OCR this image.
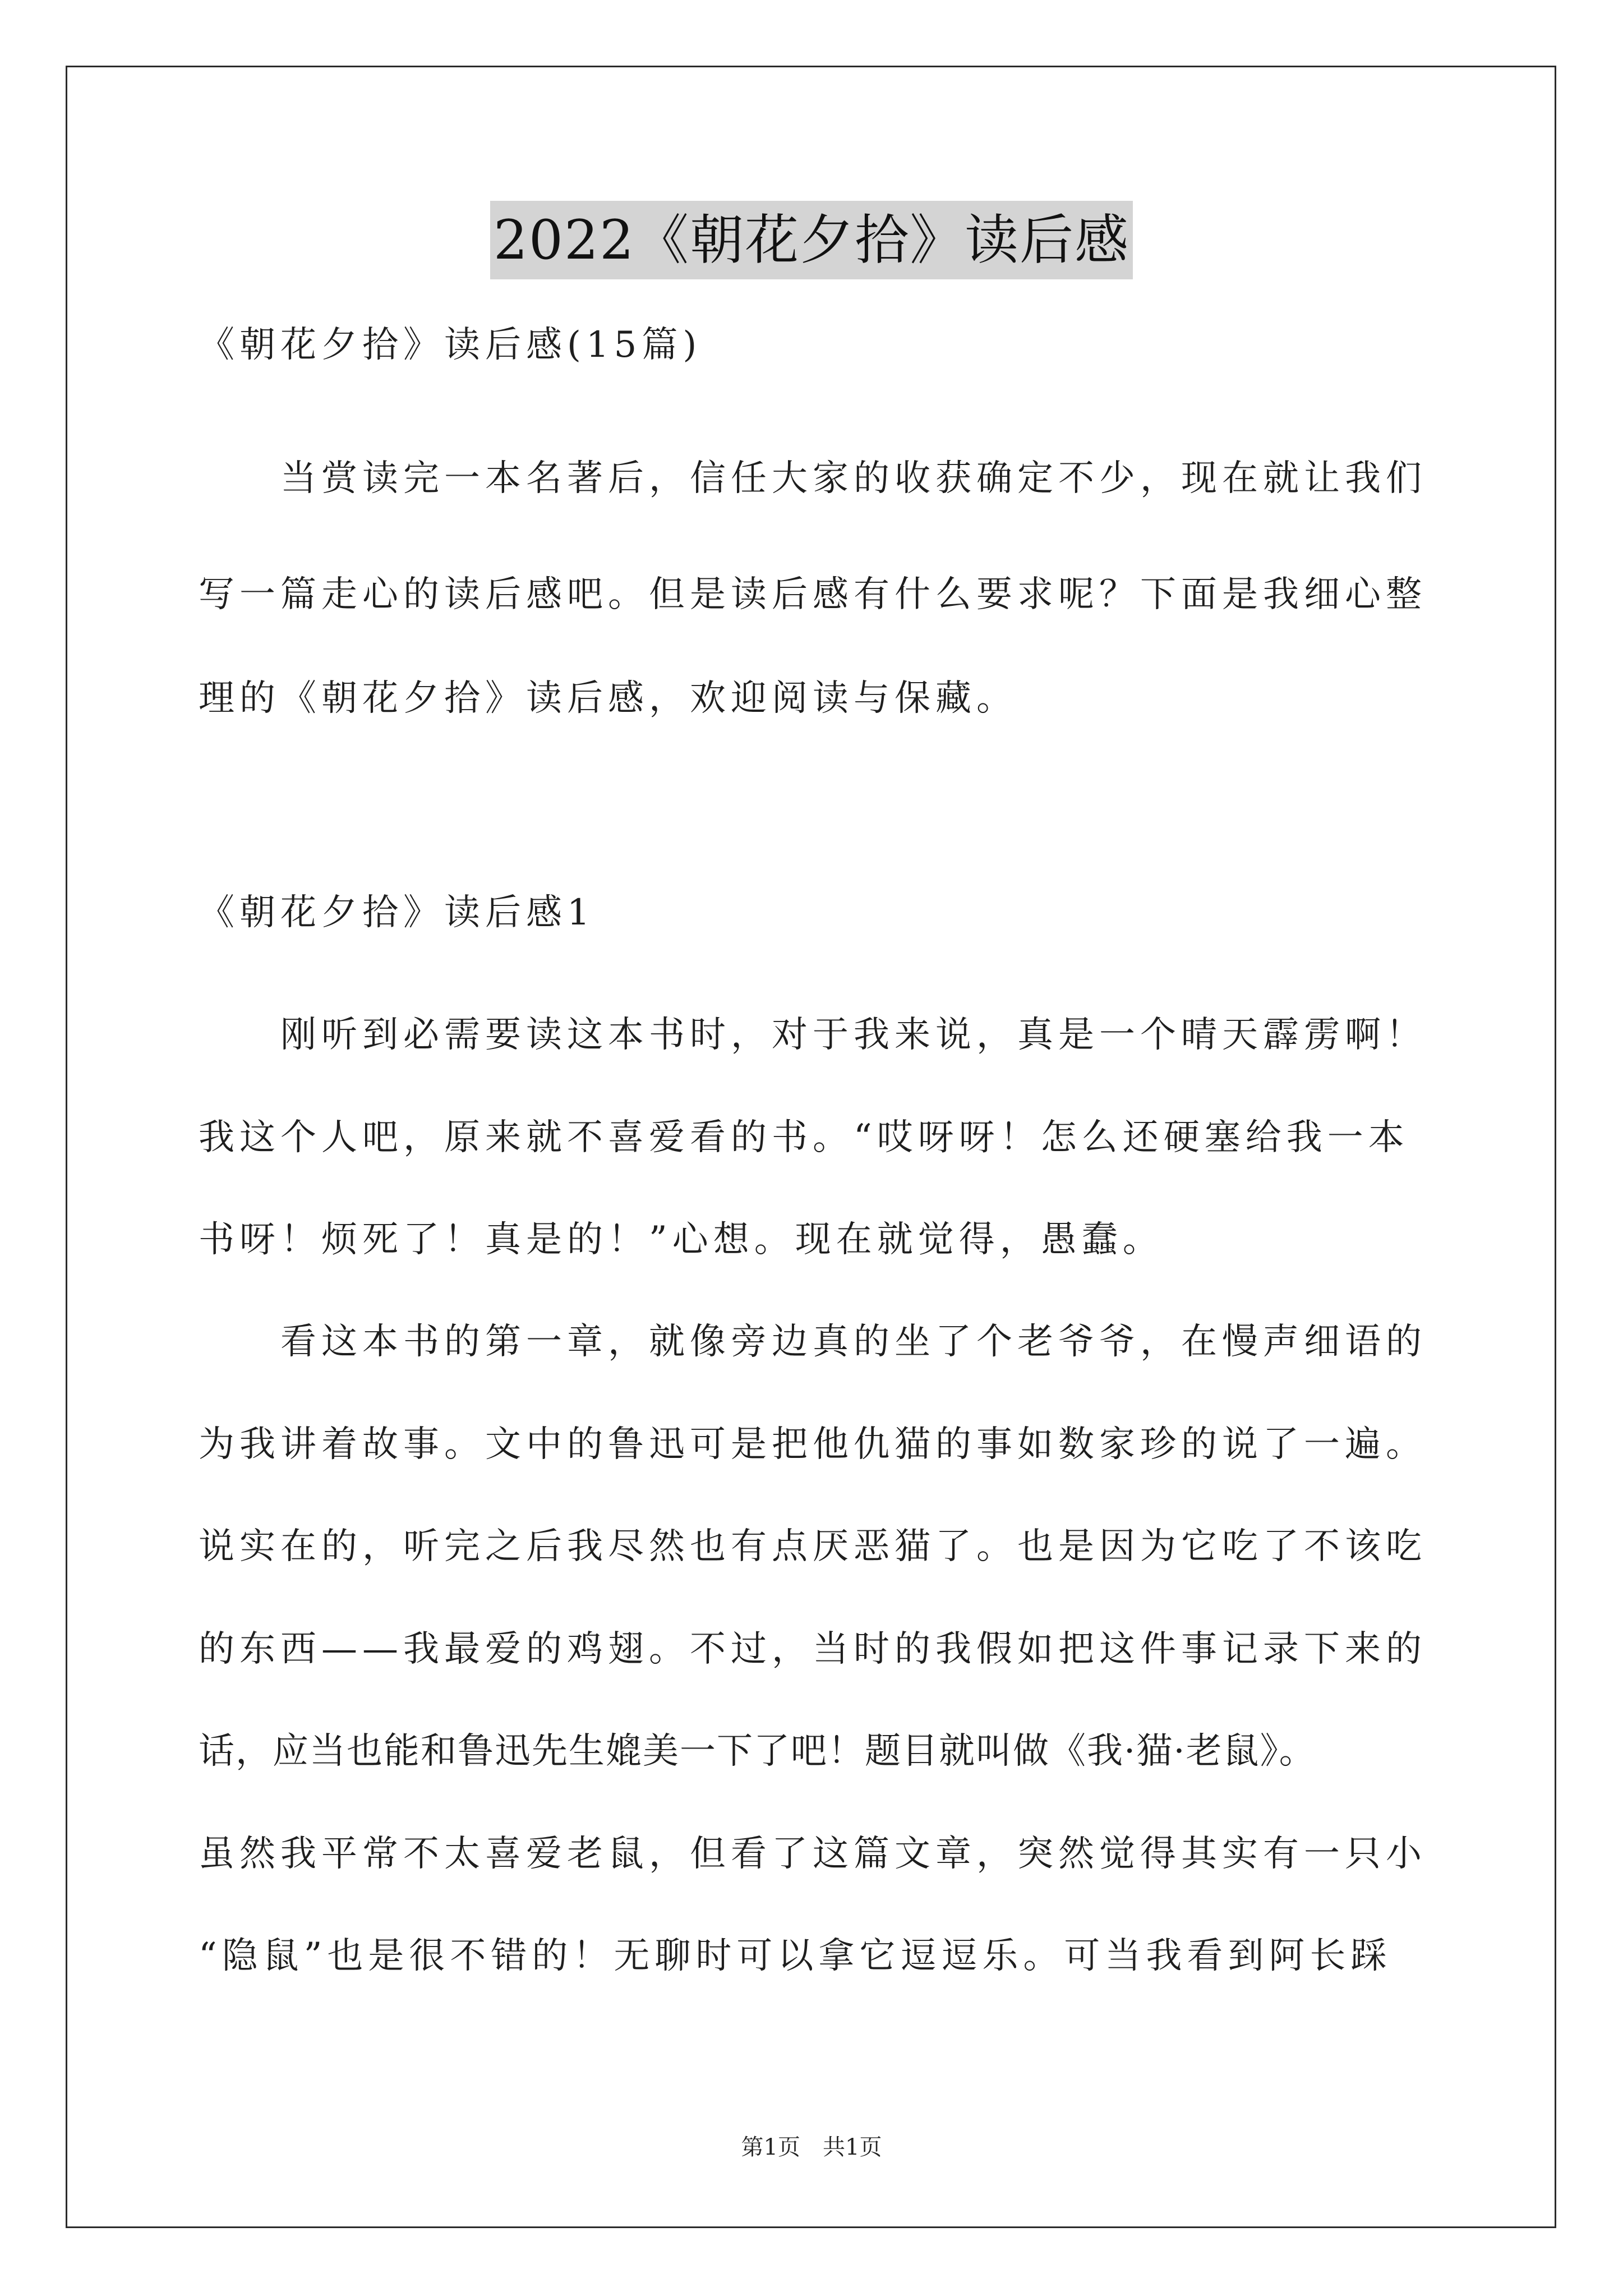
2022《朝花夕拾》读后感
《朝花夕拾》读后感(15篇)
当赏读完一本名著后，信任大家的收获确定不少，现在就让我们
写一篇走心的读后感吧。但是读后感有什么要求呢？下面是我细心整
理的《朝花夕拾》读后感，欢迎阅读与保藏。
《朝花夕拾》读后感1
刚听到必需要读这本书时，对于我来说，真是一个晴天霹雳啊！
我这个人吧，原来就不喜爱看的书。“哎呀呀！怎么还硬塞给我一本
书呀！烦死了！真是的！”心想。现在就觉得，愚蠢。
看这本书的第一章，就像旁边真的坐了个老爷爷，在慢声细语的
为我讲着故事。文中的鲁迅可是把他仇猫的事如数家珍的说了一遍。
说实在的，听完之后我尽然也有点厌恶猫了。也是因为它吃了不该吃
的东西——我最爱的鸡翅。不过，当时的我假如把这件事记录下来的
话，应当也能和鲁迅先生媲美一下了吧！题目就叫做《我·猫·老鼠》。
虽然我平常不太喜爱老鼠，但看了这篇文章，突然觉得其实有一只小
“隐鼠”也是很不错的！无聊时可以拿它逗逗乐。可当我看到阿长踩
第1页　共1页
